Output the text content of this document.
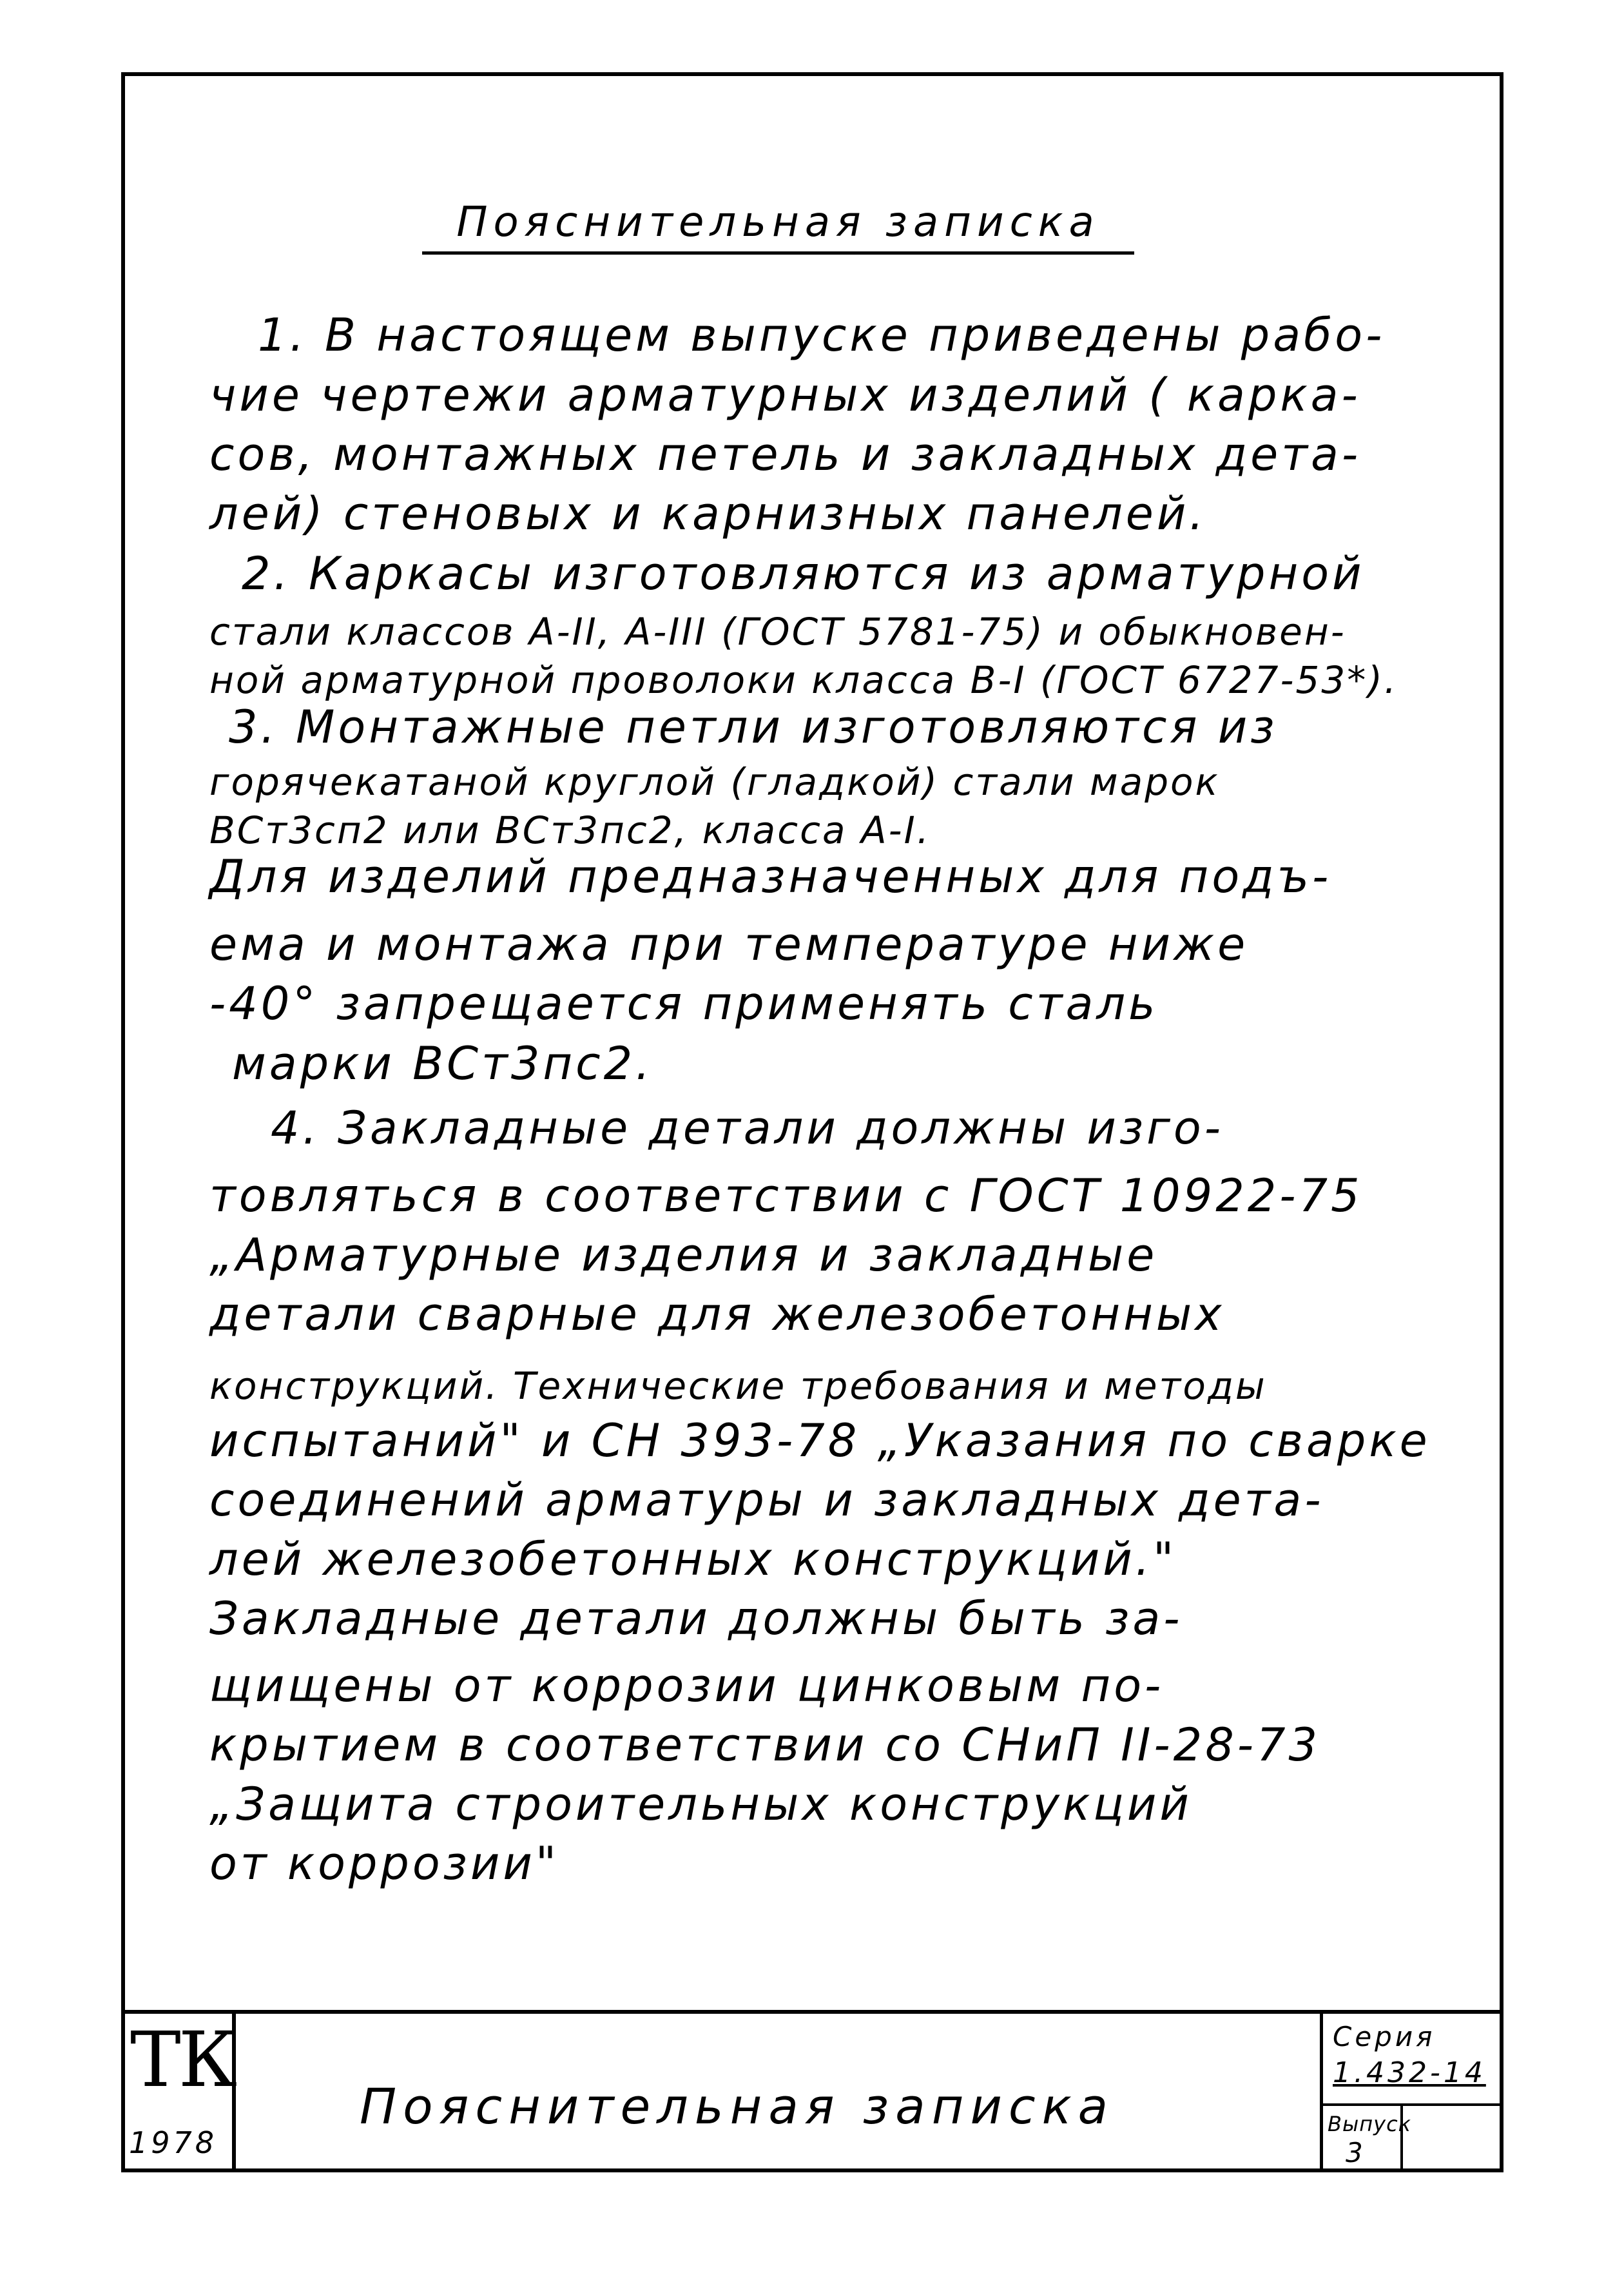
Пояснительная записка
1. В настоящем выпуске приведены рабо-
чие чертежи арматурных изделий ( карка-
сов, монтажных петель и закладных дета-
лей) стеновых и карнизных панелей.
2. Каркасы изготовляются из арматурной
стали классов А-II, А-III (ГОСТ 5781-75) и обыкновен-
ной арматурной проволоки класса В-I (ГОСТ 6727-53*).
3. Монтажные петли изготовляются из
горячекатаной круглой (гладкой) стали марок
ВСт3сп2 или ВСт3пс2, класса А-I.
Для изделий предназначенных для подъ-
ема и монтажа при температуре ниже
-40° запрещается применять сталь
марки ВСт3пс2.
4. Закладные детали должны изго-
товляться в соответствии с ГОСТ 10922-75
„Арматурные изделия и закладные
детали сварные для железобетонных
конструкций. Технические требования и методы
испытаний" и СН 393-78 „Указания по сварке
соединений арматуры и закладных дета-
лей железобетонных конструкций."
Закладные детали должны быть за-
щищены от коррозии цинковым по-
крытием в соответствии со СНиП II-28-73
„Защита строительных конструкций
от коррозии"
ТК
1978
Пояснительная записка
Серия
1.432-14
Выпуск
3
